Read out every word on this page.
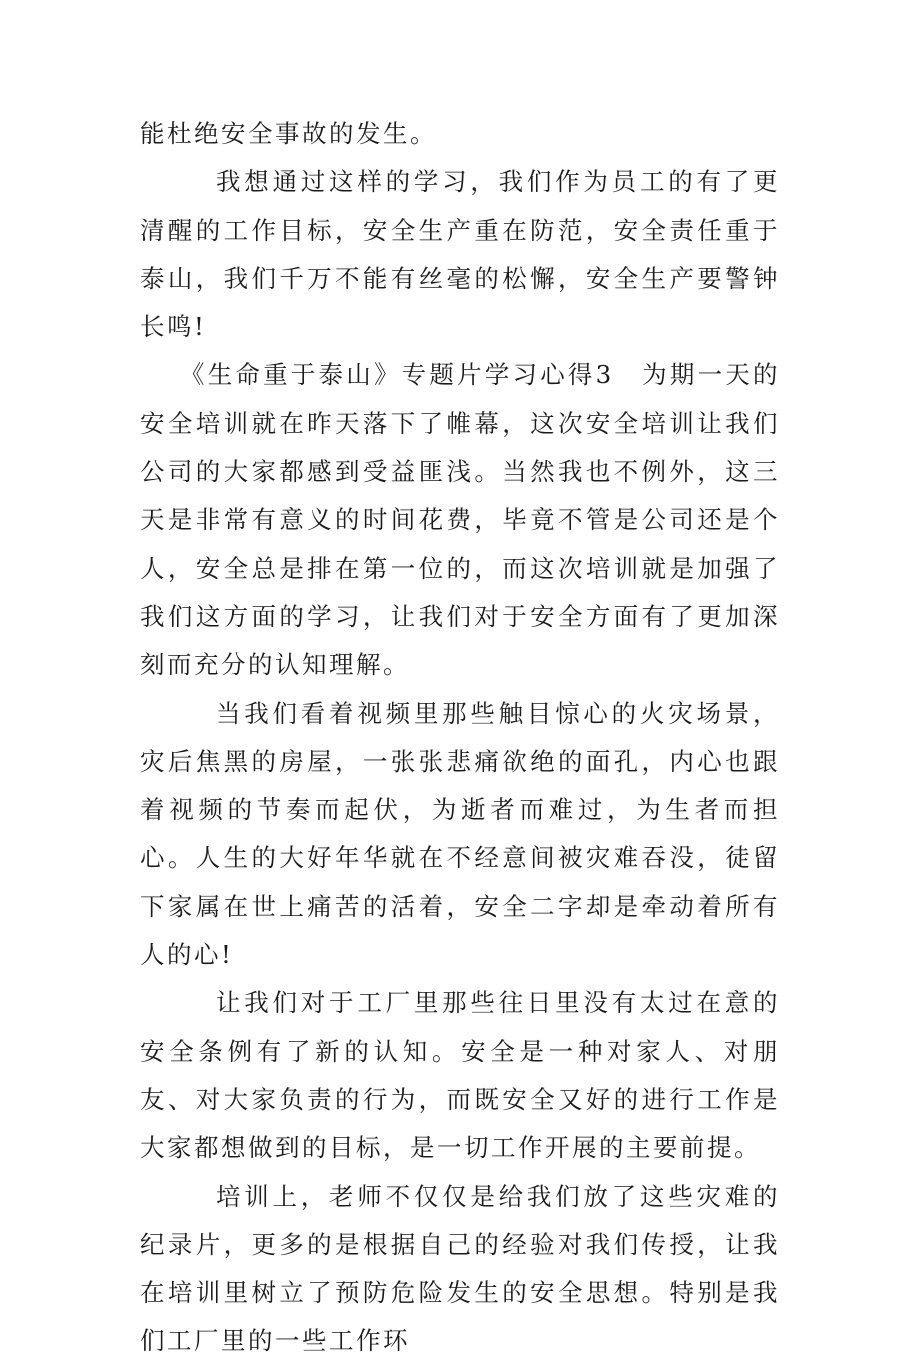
能杜绝安全事故的发生。

我想通过这样的学习，我们作为员工的有了更清醒的工作目标，安全生产重在防范，安全责任重于泰山，我们千万不能有丝毫的松懈，安全生产要警钟长鸣!

《生命重于泰山》专题片学习心得3　为期一天的安全培训就在昨天落下了帷幕，这次安全培训让我们公司的大家都感到受益匪浅。当然我也不例外，这三天是非常有意义的时间花费，毕竟不管是公司还是个人，安全总是排在第一位的，而这次培训就是加强了我们这方面的学习，让我们对于安全方面有了更加深刻而充分的认知理解。

当我们看着视频里那些触目惊心的火灾场景，灾后焦黑的房屋，一张张悲痛欲绝的面孔，内心也跟着视频的节奏而起伏，为逝者而难过，为生者而担心。人生的大好年华就在不经意间被灾难吞没，徒留下家属在世上痛苦的活着，安全二字却是牵动着所有人的心!

让我们对于工厂里那些往日里没有太过在意的安全条例有了新的认知。安全是一种对家人、对朋友、对大家负责的行为，而既安全又好的进行工作是大家都想做到的目标，是一切工作开展的主要前提。

培训上，老师不仅仅是给我们放了这些灾难的纪录片，更多的是根据自己的经验对我们传授，让我在培训里树立了预防危险发生的安全思想。特别是我们工厂里的一些工作环
